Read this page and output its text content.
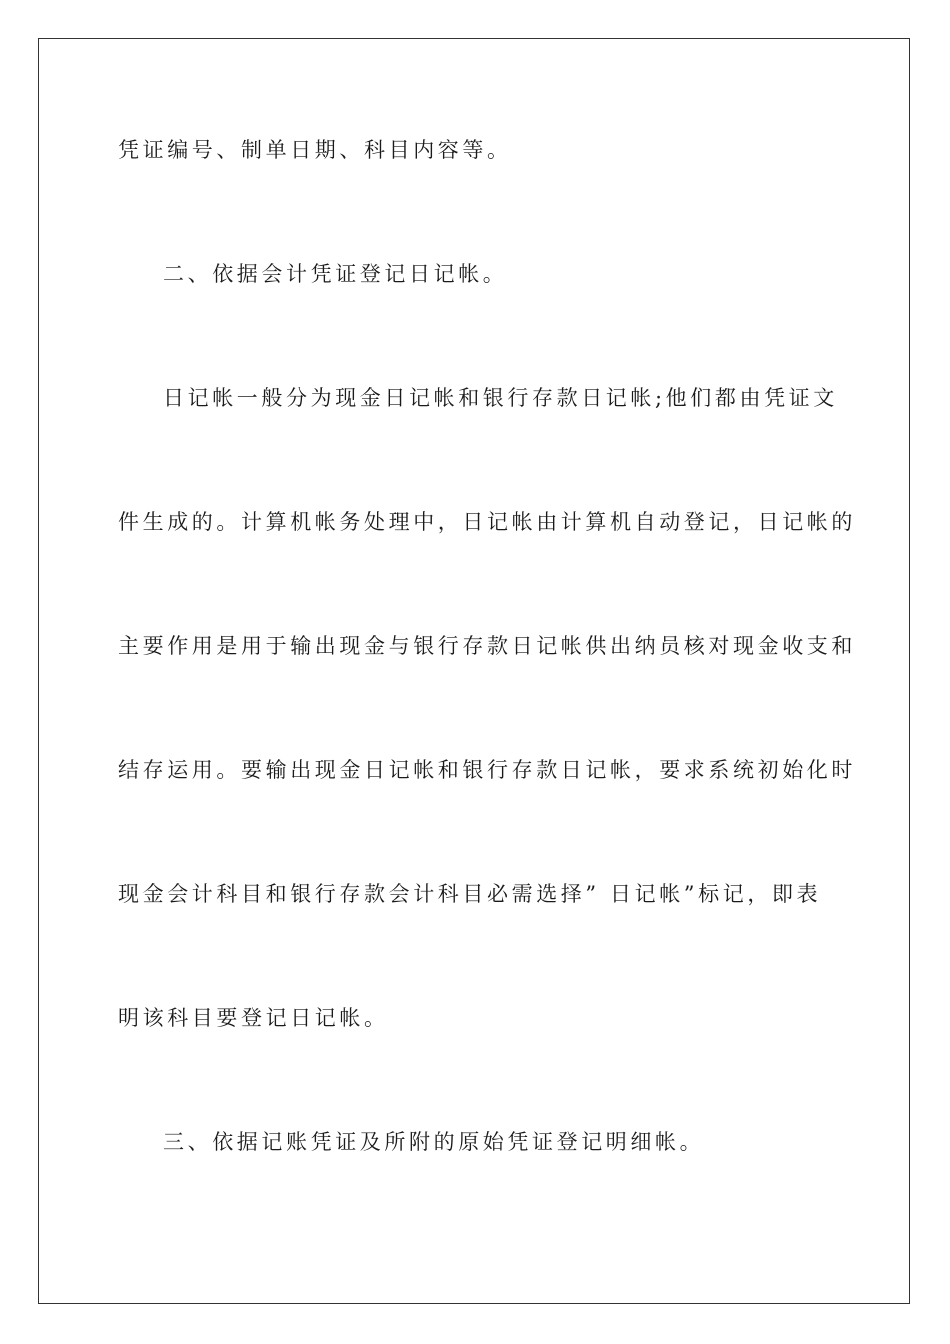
凭证编号、制单日期、科目内容等。
二、依据会计凭证登记日记帐。
日记帐一般分为现金日记帐和银行存款日记帐;他们都由凭证文
件生成的。计算机帐务处理中，日记帐由计算机自动登记，日记帐的
主要作用是用于输出现金与银行存款日记帐供出纳员核对现金收支和
结存运用。要输出现金日记帐和银行存款日记帐，要求系统初始化时
现金会计科目和银行存款会计科目必需选择” 日记帐”标记，即表
明该科目要登记日记帐。
三、依据记账凭证及所附的原始凭证登记明细帐。
